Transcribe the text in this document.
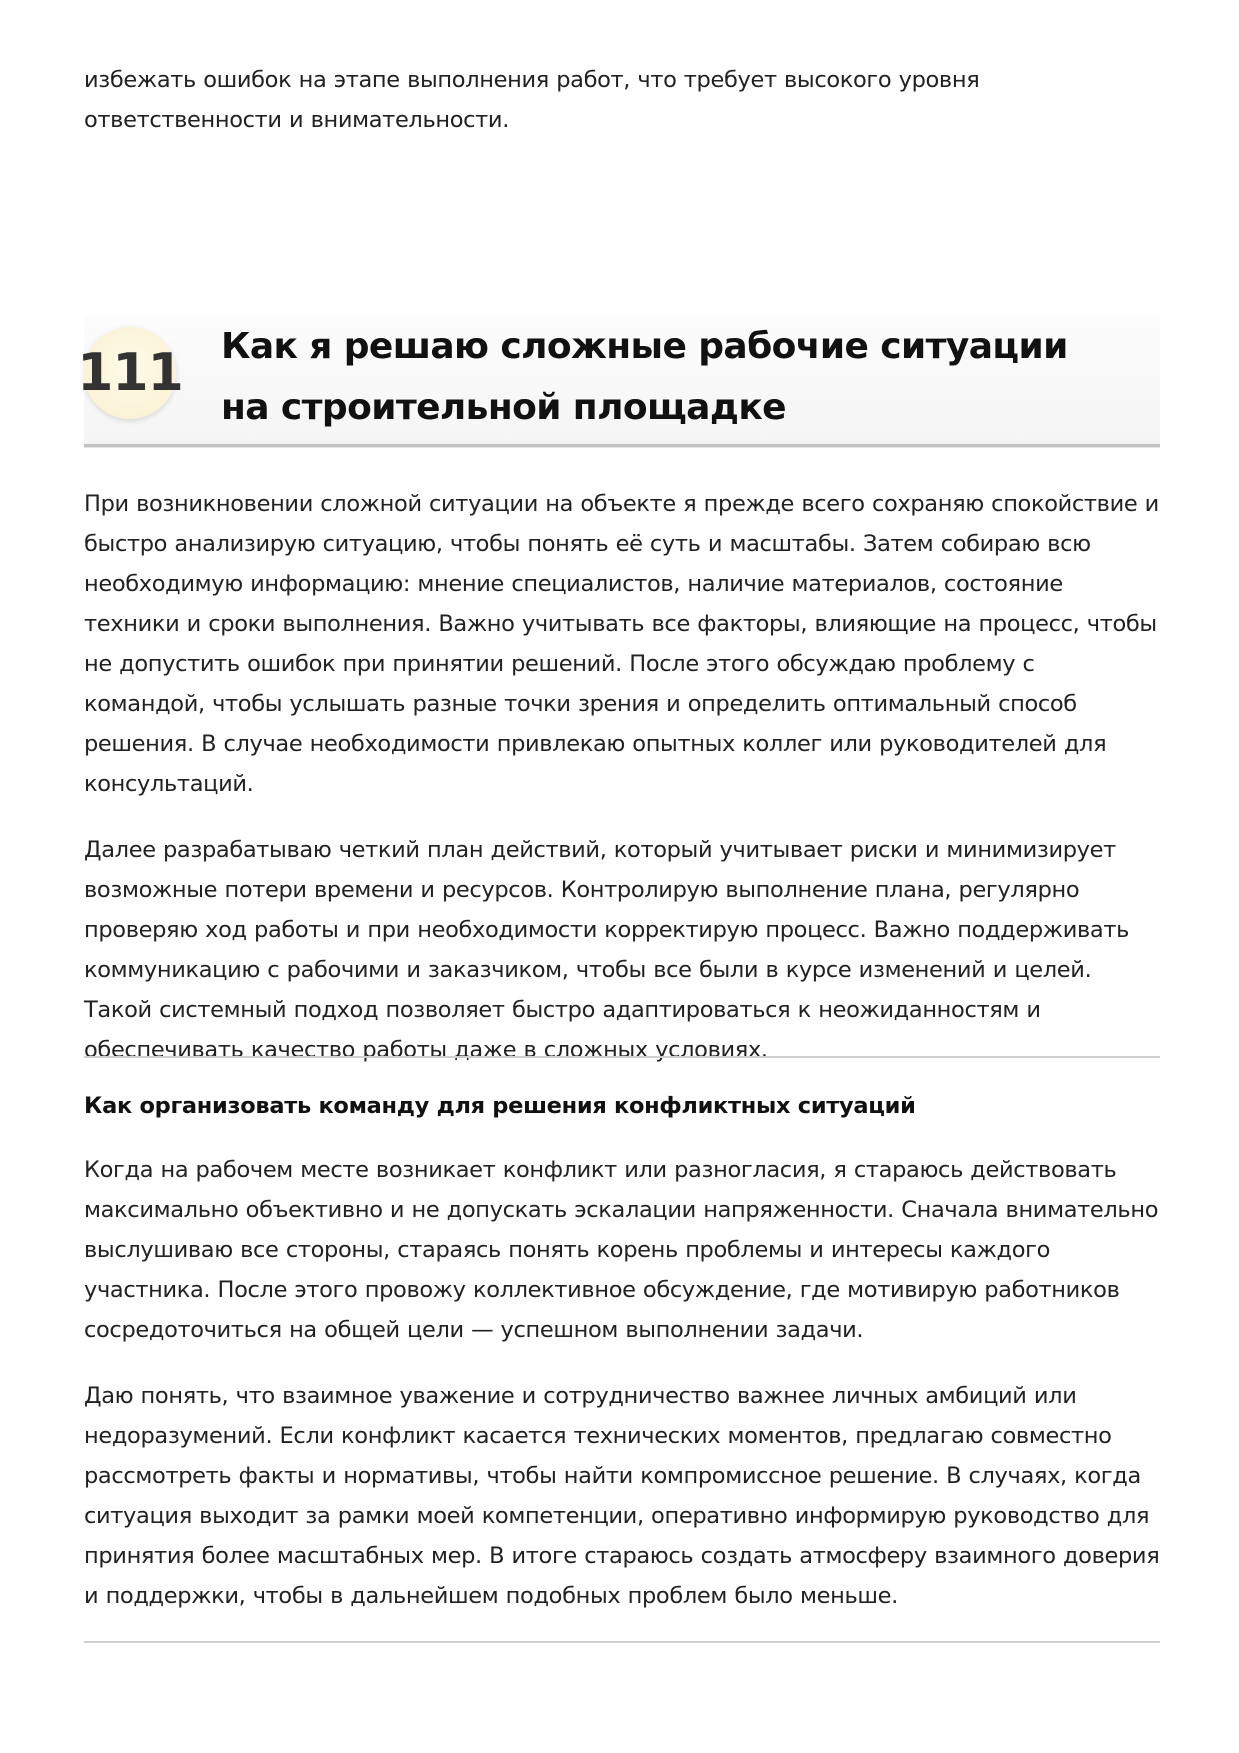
избежать ошибок на этапе выполнения работ, что требует высокого уровня ответственности и внимательности.

111 Как я решаю сложные рабочие ситуации на строительной площадке

При возникновении сложной ситуации на объекте я прежде всего сохраняю спокойствие и быстро анализирую ситуацию, чтобы понять её суть и масштабы. Затем собираю всю необходимую информацию: мнение специалистов, наличие материалов, состояние техники и сроки выполнения. Важно учитывать все факторы, влияющие на процесс, чтобы не допустить ошибок при принятии решений. После этого обсуждаю проблему с командой, чтобы услышать разные точки зрения и определить оптимальный способ решения. В случае необходимости привлекаю опытных коллег или руководителей для консультаций.

Далее разрабатываю четкий план действий, который учитывает риски и минимизирует возможные потери времени и ресурсов. Контролирую выполнение плана, регулярно проверяю ход работы и при необходимости корректирую процесс. Важно поддерживать коммуникацию с рабочими и заказчиком, чтобы все были в курсе изменений и целей. Такой системный подход позволяет быстро адаптироваться к неожиданностям и обеспечивать качество работы даже в сложных условиях.

Как организовать команду для решения конфликтных ситуаций

Когда на рабочем месте возникает конфликт или разногласия, я стараюсь действовать максимально объективно и не допускать эскалации напряженности. Сначала внимательно выслушиваю все стороны, стараясь понять корень проблемы и интересы каждого участника. После этого провожу коллективное обсуждение, где мотивирую работников сосредоточиться на общей цели — успешном выполнении задачи.

Даю понять, что взаимное уважение и сотрудничество важнее личных амбиций или недоразумений. Если конфликт касается технических моментов, предлагаю совместно рассмотреть факты и нормативы, чтобы найти компромиссное решение. В случаях, когда ситуация выходит за рамки моей компетенции, оперативно информирую руководство для принятия более масштабных мер. В итоге стараюсь создать атмосферу взаимного доверия и поддержки, чтобы в дальнейшем подобных проблем было меньше.
